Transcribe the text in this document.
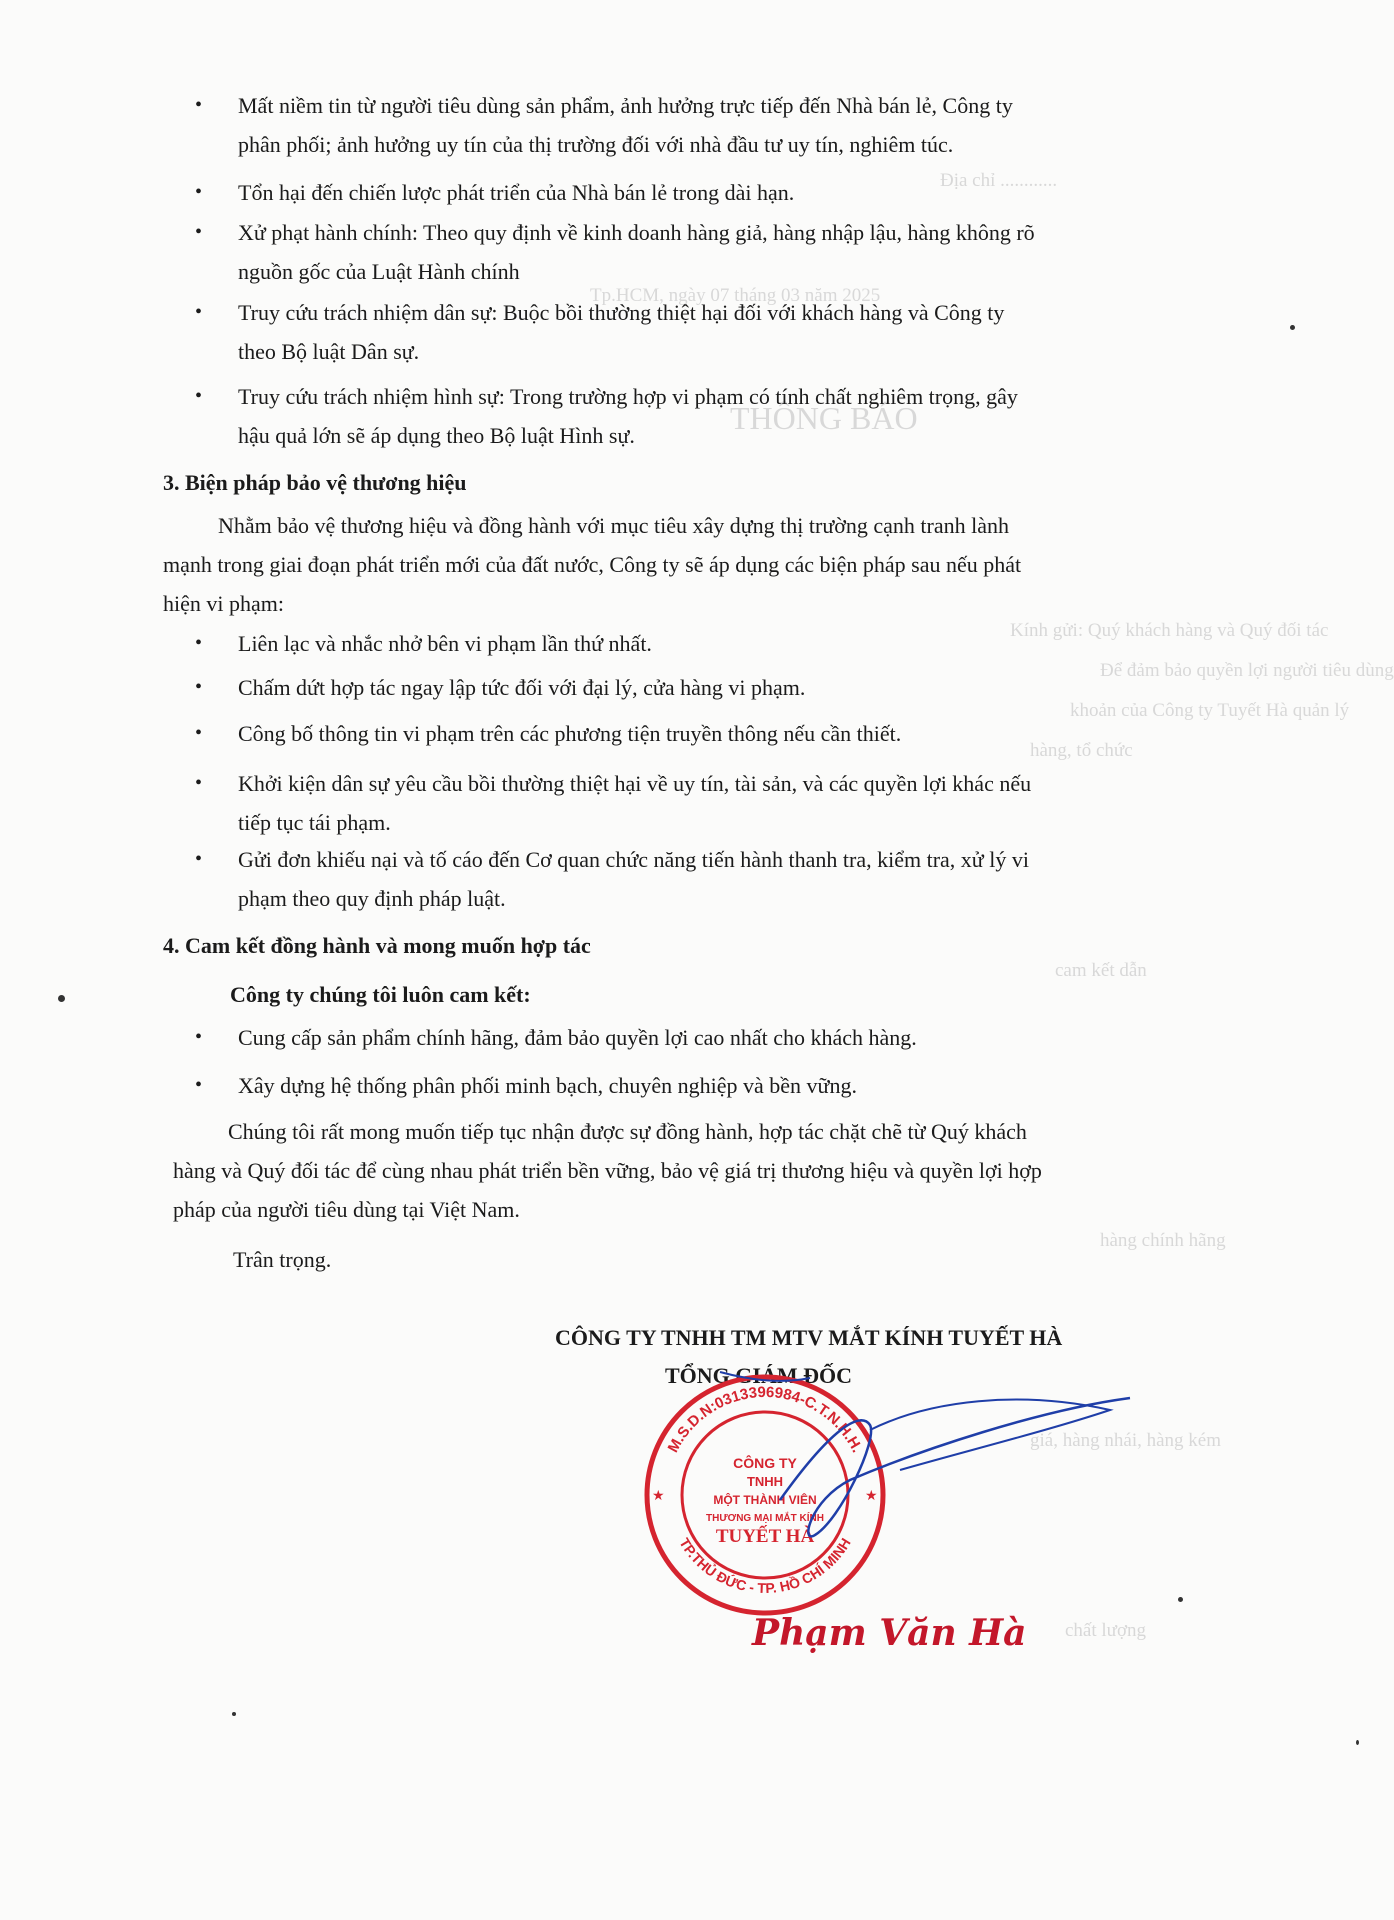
Địa chỉ ............
Tp.HCM, ngày 07 tháng 03 năm 2025
THÔNG BÁO
Kính gửi: Quý khách hàng và Quý đối tác
Để đảm bảo quyền lợi người tiêu dùng
khoản của Công ty Tuyết Hà quản lý
hàng, tổ chức
cam kết dẫn
hàng chính hãng
giá, hàng nhái, hàng kém
chất lượng
• Mất niềm tin từ người tiêu dùng sản phẩm, ảnh hưởng trực tiếp đến Nhà bán lẻ, Công ty
phân phối; ảnh hưởng uy tín của thị trường đối với nhà đầu tư uy tín, nghiêm túc.
• Tổn hại đến chiến lược phát triển của Nhà bán lẻ trong dài hạn.
• Xử phạt hành chính: Theo quy định về kinh doanh hàng giả, hàng nhập lậu, hàng không rõ
nguồn gốc của Luật Hành chính
• Truy cứu trách nhiệm dân sự: Buộc bồi thường thiệt hại đối với khách hàng và Công ty
theo Bộ luật Dân sự.
• Truy cứu trách nhiệm hình sự: Trong trường hợp vi phạm có tính chất nghiêm trọng, gây
hậu quả lớn sẽ áp dụng theo Bộ luật Hình sự.
3. Biện pháp bảo vệ thương hiệu
Nhằm bảo vệ thương hiệu và đồng hành với mục tiêu xây dựng thị trường cạnh tranh lành
mạnh trong giai đoạn phát triển mới của đất nước, Công ty sẽ áp dụng các biện pháp sau nếu phát
hiện vi phạm:
• Liên lạc và nhắc nhở bên vi phạm lần thứ nhất.
• Chấm dứt hợp tác ngay lập tức đối với đại lý, cửa hàng vi phạm.
• Công bố thông tin vi phạm trên các phương tiện truyền thông nếu cần thiết.
• Khởi kiện dân sự yêu cầu bồi thường thiệt hại về uy tín, tài sản, và các quyền lợi khác nếu
tiếp tục tái phạm.
• Gửi đơn khiếu nại và tố cáo đến Cơ quan chức năng tiến hành thanh tra, kiểm tra, xử lý vi
phạm theo quy định pháp luật.
4. Cam kết đồng hành và mong muốn hợp tác
Công ty chúng tôi luôn cam kết:
• Cung cấp sản phẩm chính hãng, đảm bảo quyền lợi cao nhất cho khách hàng.
• Xây dựng hệ thống phân phối minh bạch, chuyên nghiệp và bền vững.
Chúng tôi rất mong muốn tiếp tục nhận được sự đồng hành, hợp tác chặt chẽ từ Quý khách
hàng và Quý đối tác để cùng nhau phát triển bền vững, bảo vệ giá trị thương hiệu và quyền lợi hợp
pháp của người tiêu dùng tại Việt Nam.
Trân trọng.
CÔNG TY TNHH TM MTV MẮT KÍNH TUYẾT HÀ
TỔNG GIÁM ĐỐC
M.S.D.N:0313396984-C.T.N.H.H.
TP.THỦ ĐỨC - TP. HỒ CHÍ MINH
CÔNG TY
TNHH
MỘT THÀNH VIÊN
THƯƠNG MẠI MẮT KÍNH
TUYẾT HÀ
★	★
Phạm Văn Hà
